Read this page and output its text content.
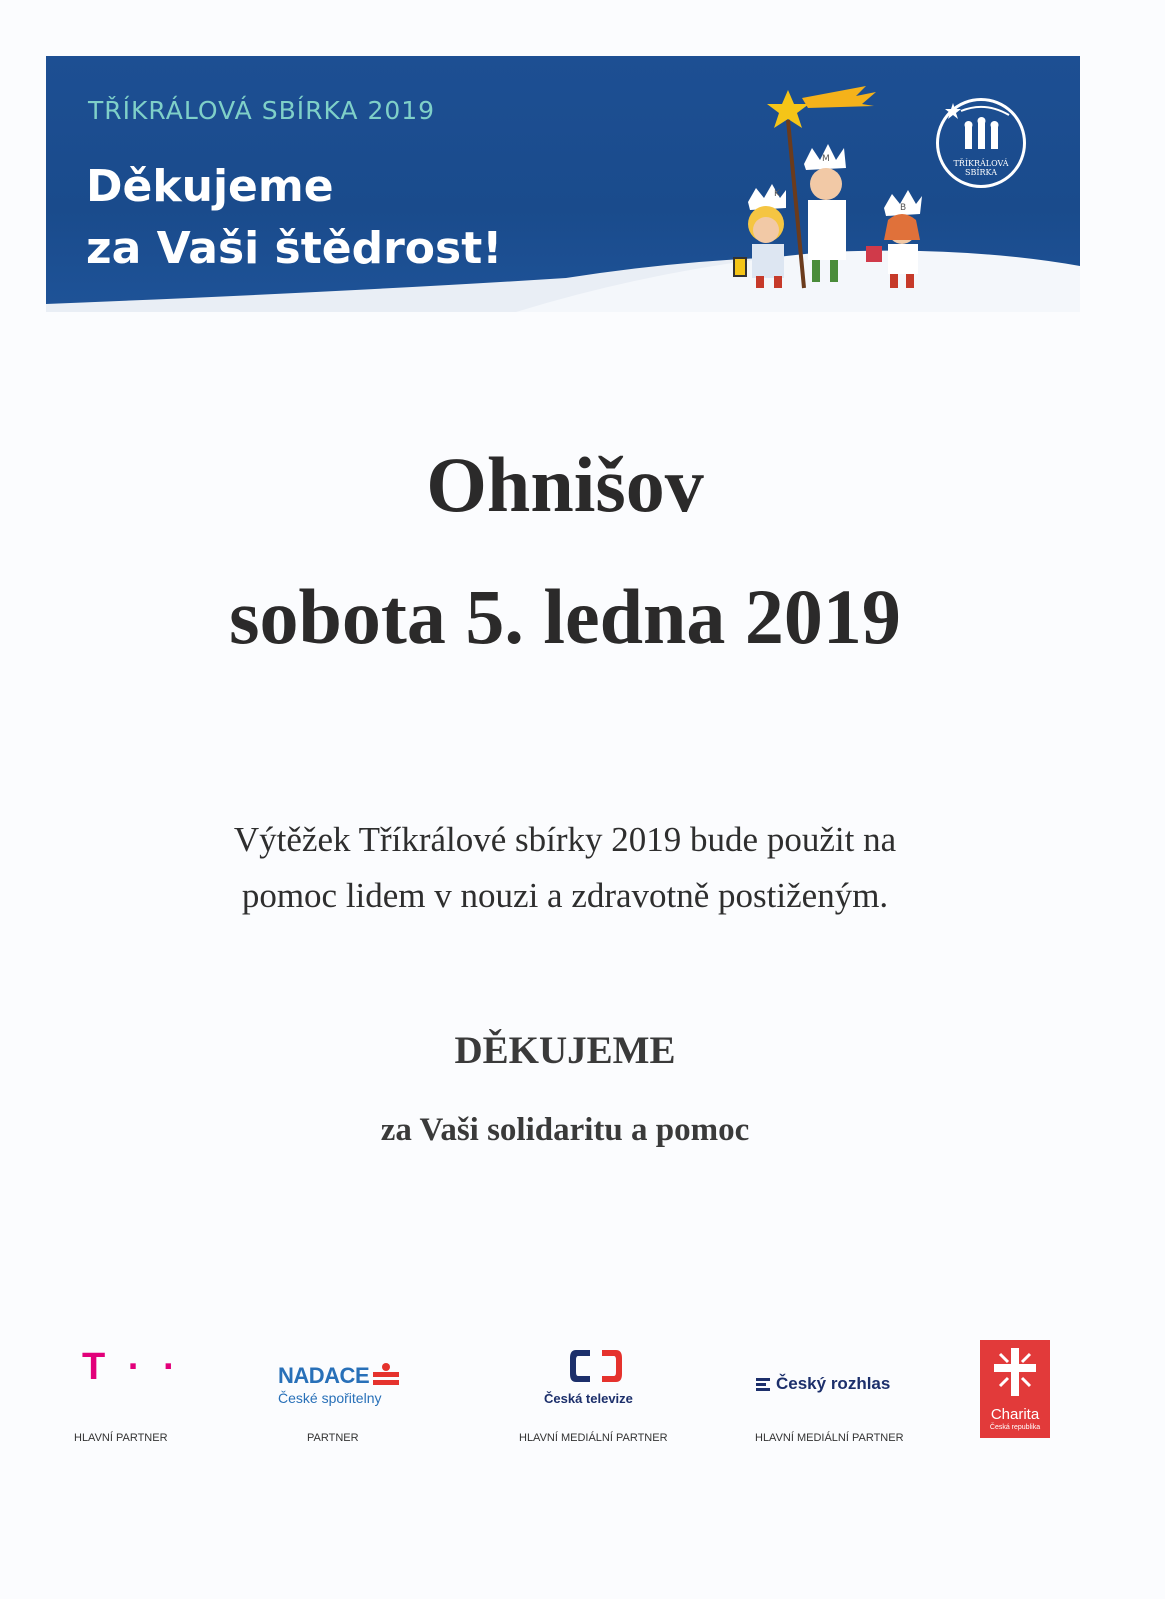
TŘÍKRÁLOVÁ SBÍRKA 2019
Děkujeme
za Vaši štědrost!
K
M
B
TŘÍKRÁLOVÁ
SBÍRKA
Ohnišov
sobota 5. ledna 2019
Výtěžek Tříkrálové sbírky 2019 bude použit na
pomoc lidem v nouzi a zdravotně postiženým.
DĚKUJEME
za Vaši solidaritu a pomoc
T · ·
HLAVNÍ PARTNER
NADACE
České spořitelny
PARTNER
Česká televize
HLAVNÍ MEDIÁLNÍ PARTNER
Český rozhlas
HLAVNÍ MEDIÁLNÍ PARTNER
Charita
Česká republika
